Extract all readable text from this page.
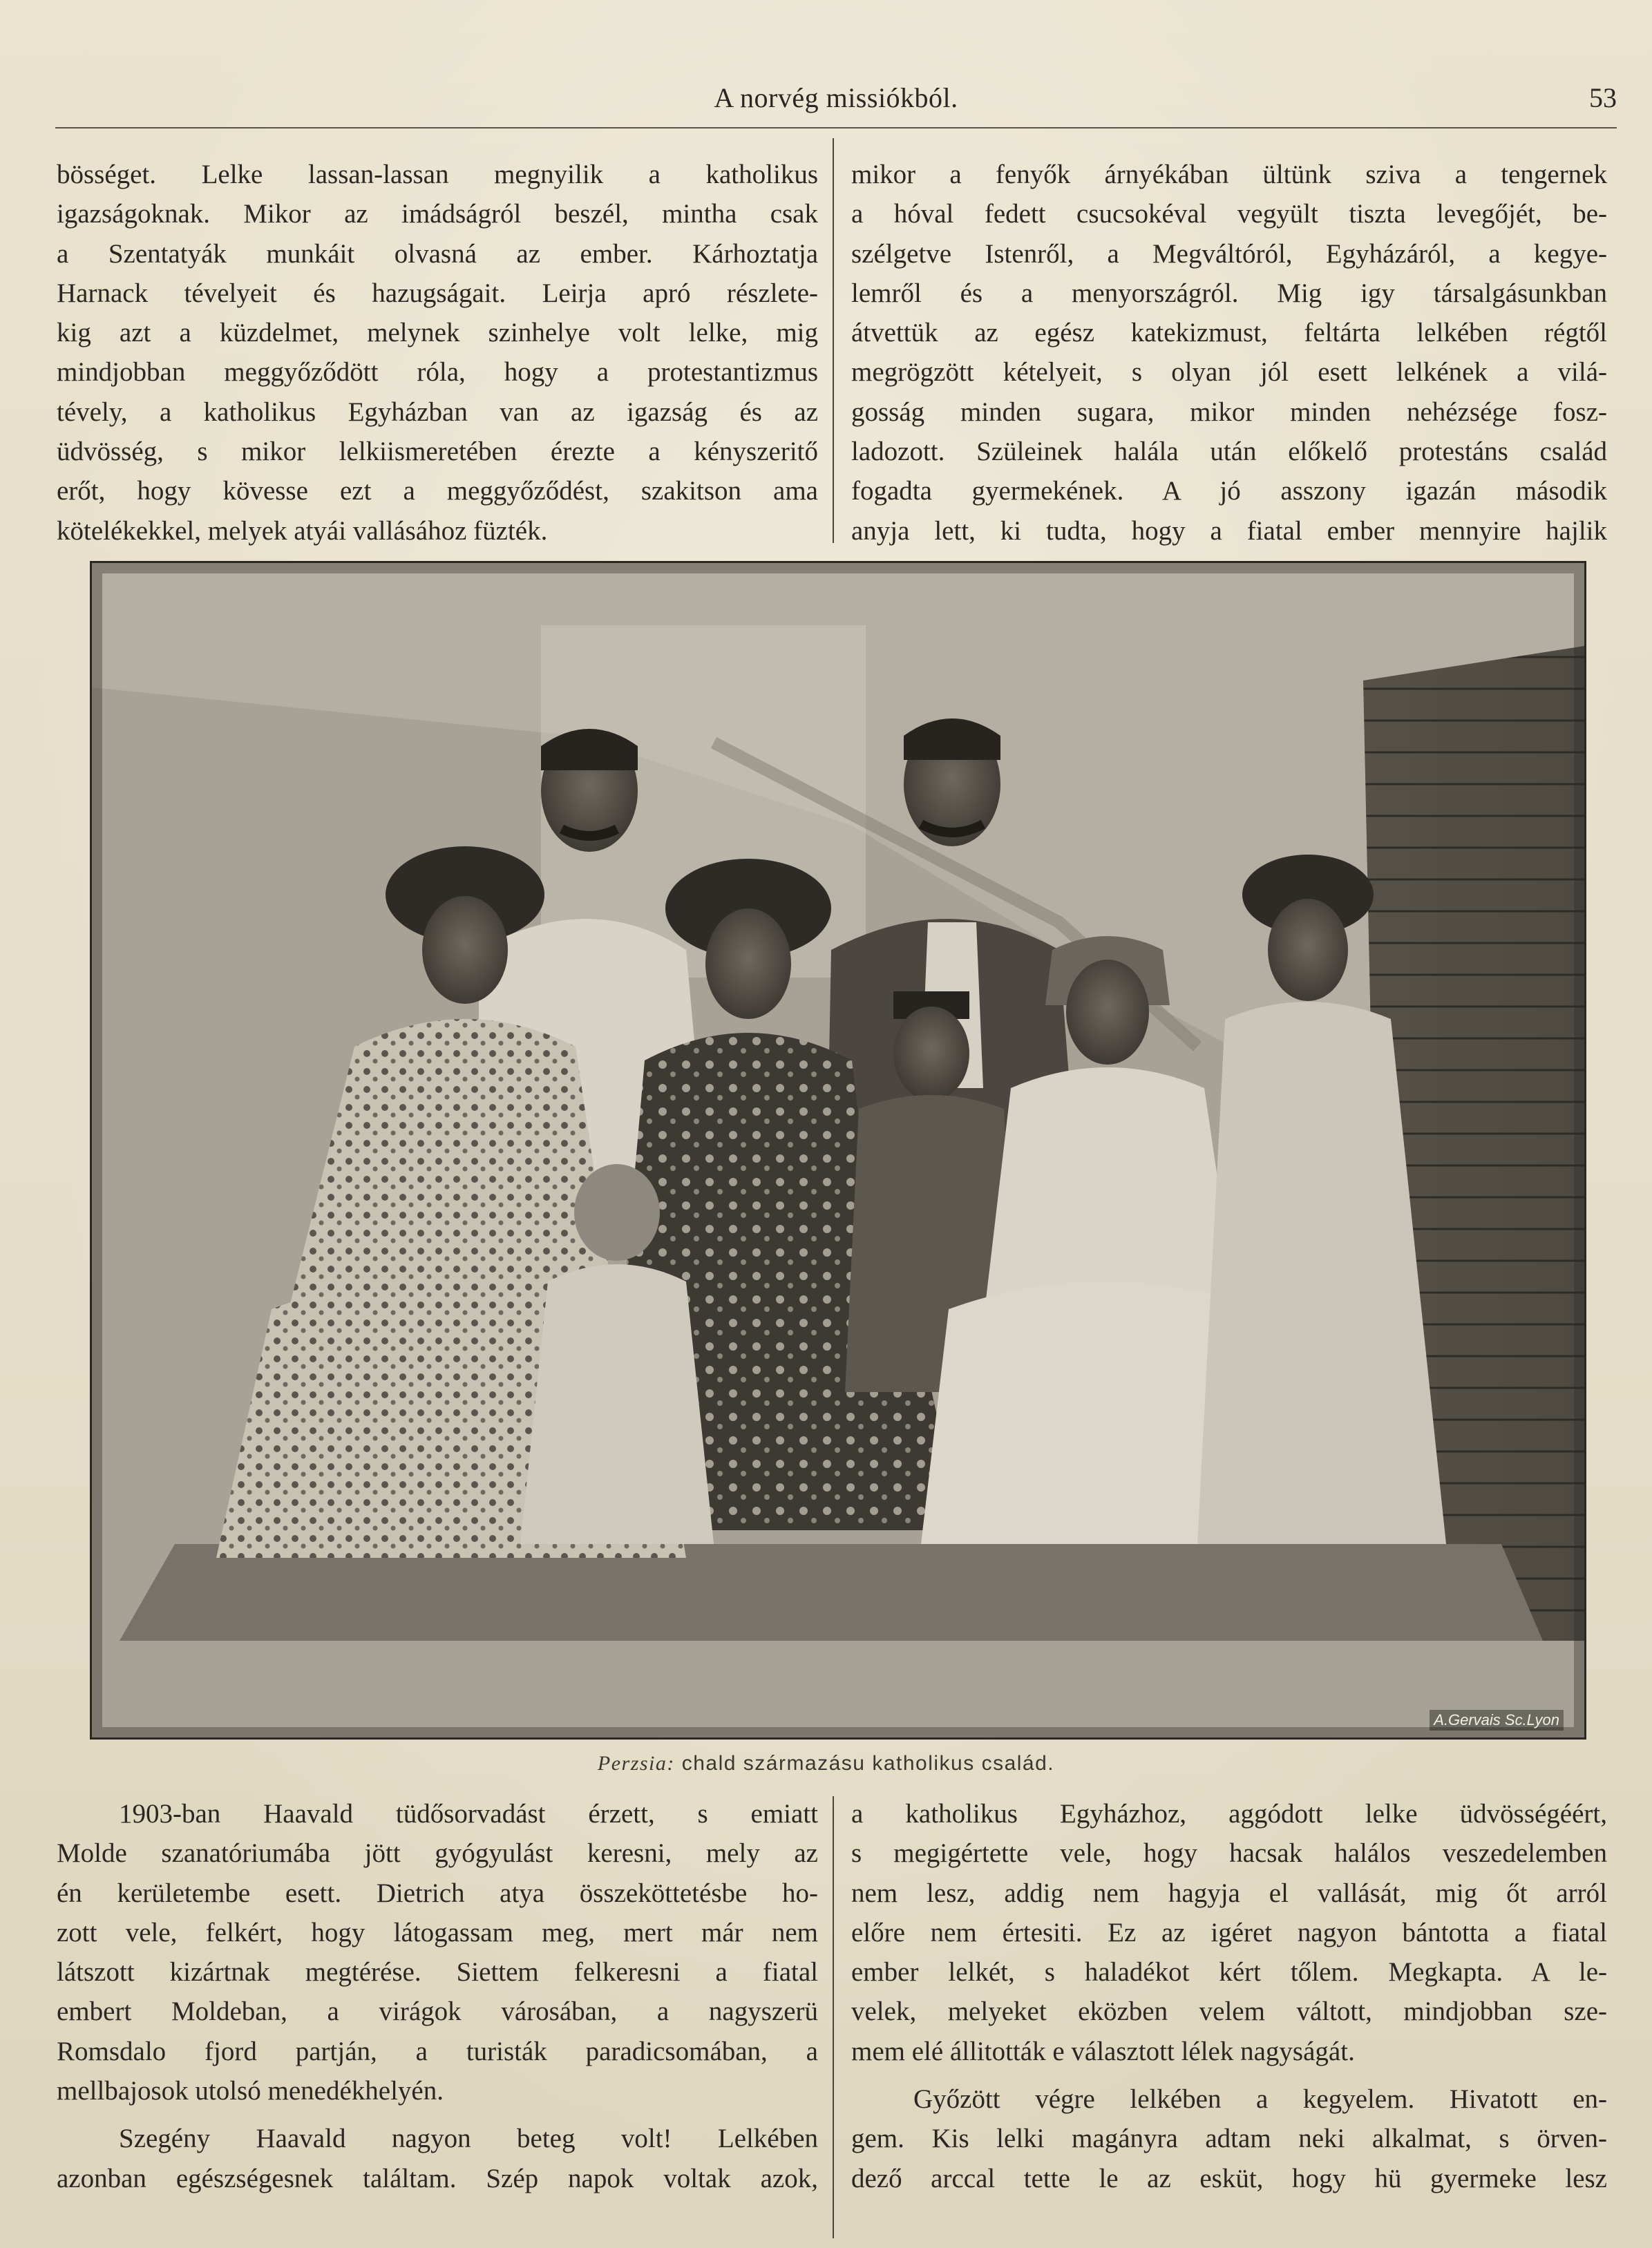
A norvég missiókból.	53
bösséget. Lelke lassan-lassan megnyilik a katholikus
igazságoknak. Mikor az imádságról beszél, mintha csak
a Szentatyák munkáit olvasná az ember. Kárhoztatja
Harnack tévelyeit és hazugságait. Leirja apró részlete-
kig azt a küzdelmet, melynek szinhelye volt lelke, mig
mindjobban meggyőződött róla, hogy a protestantizmus
tévely, a katholikus Egyházban van az igazság és az
üdvösség, s mikor lelkiismeretében érezte a kényszeritő
erőt, hogy kövesse ezt a meggyőződést, szakitson ama
kötelékekkel, melyek atyái vallásához füzték.
mikor a fenyők árnyékában ültünk sziva a tengernek
a hóval fedett csucsokéval vegyült tiszta levegőjét, be-
szélgetve Istenről, a Megváltóról, Egyházáról, a kegye-
lemről és a menyországról. Mig igy társalgásunkban
átvettük az egész katekizmust, feltárta lelkében régtől
megrögzött kételyeit, s olyan jól esett lelkének a vilá-
gosság minden sugara, mikor minden nehézsége fosz-
ladozott. Szüleinek halála után előkelő protestáns család
fogadta gyermekének. A jó asszony igazán második
anyja lett, ki tudta, hogy a fiatal ember mennyire hajlik
A.Gervais Sc.Lyon
Perzsia: chald származásu katholikus család.
1903-ban Haavald tüdősorvadást érzett, s emiatt
Molde szanatóriumába jött gyógyulást keresni, mely az
én kerületembe esett. Dietrich atya összeköttetésbe ho-
zott vele, felkért, hogy látogassam meg, mert már nem
látszott kizártnak megtérése. Siettem felkeresni a fiatal
embert Moldeban, a virágok városában, a nagyszerü
Romsdalo fjord partján, a turisták paradicsomában, a
mellbajosok utolsó menedékhelyén.
Szegény Haavald nagyon beteg volt! Lelkében
azonban egészségesnek találtam. Szép napok voltak azok,
a katholikus Egyházhoz, aggódott lelke üdvösségéért,
s megigértette vele, hogy hacsak halálos veszedelemben
nem lesz, addig nem hagyja el vallását, mig őt arról
előre nem értesiti. Ez az igéret nagyon bántotta a fiatal
ember lelkét, s haladékot kért tőlem. Megkapta. A le-
velek, melyeket eközben velem váltott, mindjobban sze-
mem elé állitották e választott lélek nagyságát.
Győzött végre lelkében a kegyelem. Hivatott en-
gem. Kis lelki magányra adtam neki alkalmat, s örven-
dező arccal tette le az esküt, hogy hü gyermeke lesz
